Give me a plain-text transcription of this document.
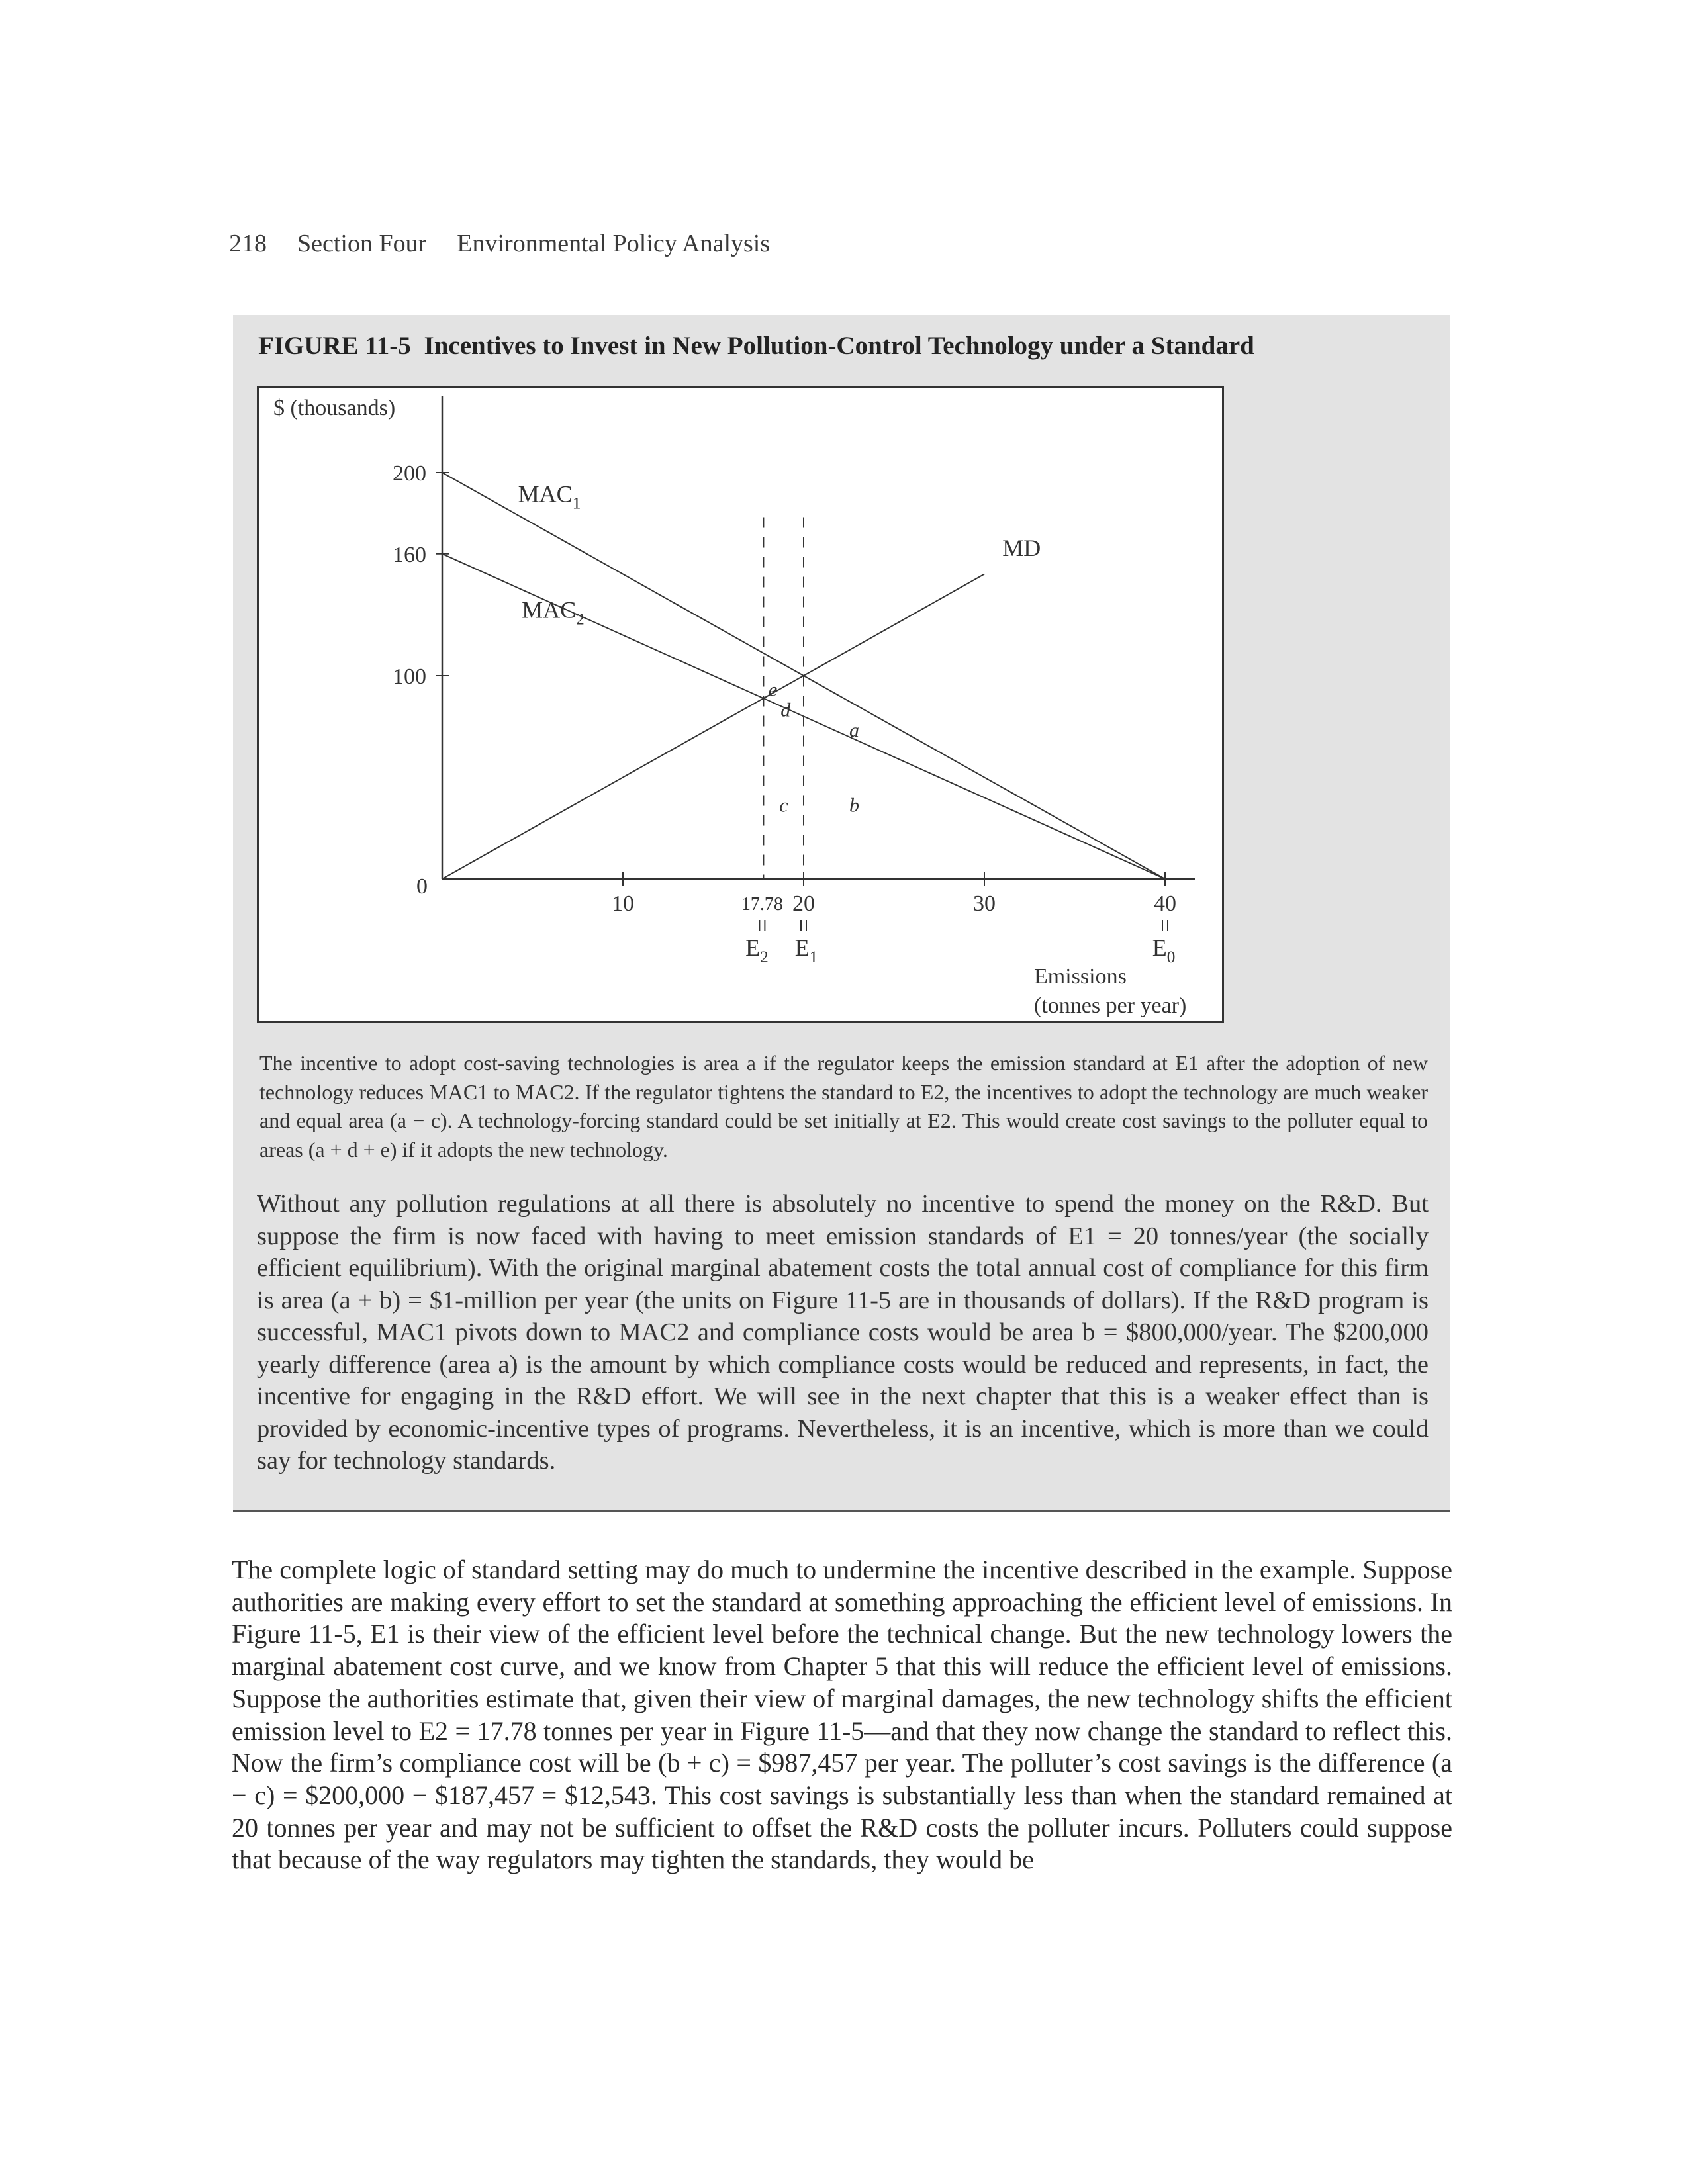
218 Section Four Environmental Policy Analysis
FIGURE 11-5 Incentives to Invest in New Pollution-Control Technology under a Standard
$ (thousands)
Emissions
(tonnes per year)
0
100
160
200
10	20	30	40
$MAC_1$
$MAC_2$
MD
17.78
$E_2$ $E_1$	$E_0$
a
b
c
d
e
The incentive to adopt cost-saving technologies is area a if the regulator keeps the emission standard at E1 after the adoption of new technology reduces MAC1 to MAC2. If the regulator tightens the standard to E2, the incentives to adopt the technology are much weaker and equal area (a − c). A technology-forcing standard could be set initially at E2. This would create cost savings to the polluter equal to areas (a + d + e) if it adopts the new technology.
Without any pollution regulations at all there is absolutely no incentive to spend the money on the R&D. But suppose the firm is now faced with having to meet emission standards of E1 = 20 tonnes/year (the socially efficient equilibrium). With the original marginal abatement costs the total annual cost of compliance for this firm is area (a + b) = $1-million per year (the units on Figure 11-5 are in thousands of dollars). If the R&D program is successful, MAC1 pivots down to MAC2 and compliance costs would be area b = $800,000/year. The $200,000 yearly difference (area a) is the amount by which compliance costs would be reduced and represents, in fact, the incentive for engaging in the R&D effort. We will see in the next chapter that this is a weaker effect than is provided by economic-incentive types of programs. Nevertheless, it is an incentive, which is more than we could say for technology standards.
The complete logic of standard setting may do much to undermine the incentive described in the example. Suppose authorities are making every effort to set the standard at something approaching the efficient level of emissions. In Figure 11-5, E1 is their view of the efficient level before the technical change. But the new technology lowers the marginal abatement cost curve, and we know from Chapter 5 that this will reduce the efficient level of emissions. Suppose the authorities estimate that, given their view of marginal damages, the new technology shifts the efficient emission level to E2 = 17.78 tonnes per year in Figure 11-5—and that they now change the standard to reflect this. Now the firm’s compliance cost will be (b + c) = $987,457 per year. The polluter’s cost savings is the difference (a − c) = $200,000 − $187,457 = $12,543. This cost savings is substantially less than when the standard remained at 20 tonnes per year and may not be sufficient to offset the R&D costs the polluter incurs. Polluters could suppose that because of the way regulators may tighten the standards, they would be
